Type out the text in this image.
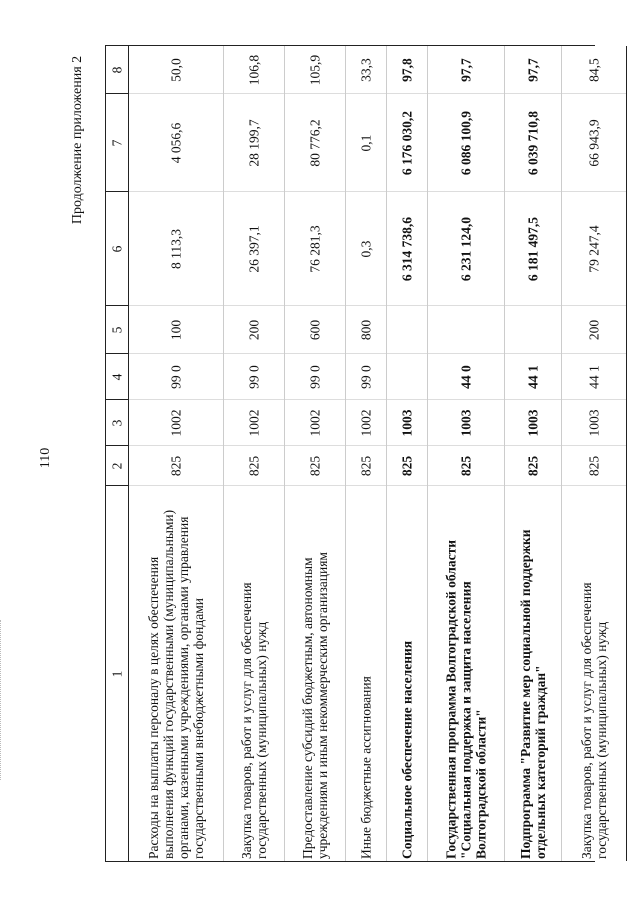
110
Продолжение приложения 2 8
7
6
5
4
3
2
1
50,0
4 056,6
8 113,3
100
99 0
1002
825
Расходы на выплаты персоналу в целях обеспечения выполнения функций государственными (муниципальными) органами, казенными учреждениями, органами управления государственными внебюджетными фондами
106,8
28 199,7
26 397,1
200
99 0
1002
825
Закупка товаров, работ и услуг для обеспечения государственных (муниципальных) нужд
105,9
80 776,2
76 281,3
600
99 0
1002
825
Предоставление субсидий бюджетным, автономным учреждениям и иным некоммерческим организациям
33,3
0,1
0,3
800
99 0
1002
825
Иные бюджетные ассигнования
97,8
6 176 030,2
6 314 738,6
1003
825
Социальное обеспечение населения
97,7
6 086 100,9
6 231 124,0
44 0
1003
825
Государственная программа Волгоградской области "Социальная поддержка и защита населения Волгоградской области"
97,7
6 039 710,8
6 181 497,5
44 1
1003
825
Подпрограмма "Развитие мер социальной поддержки отдельных категорий граждан"
84,5
66 943,9
79 247,4
200
44 1
1003
825
Закупка товаров, работ и услуг для обеспечения государственных (муниципальных) нужд
